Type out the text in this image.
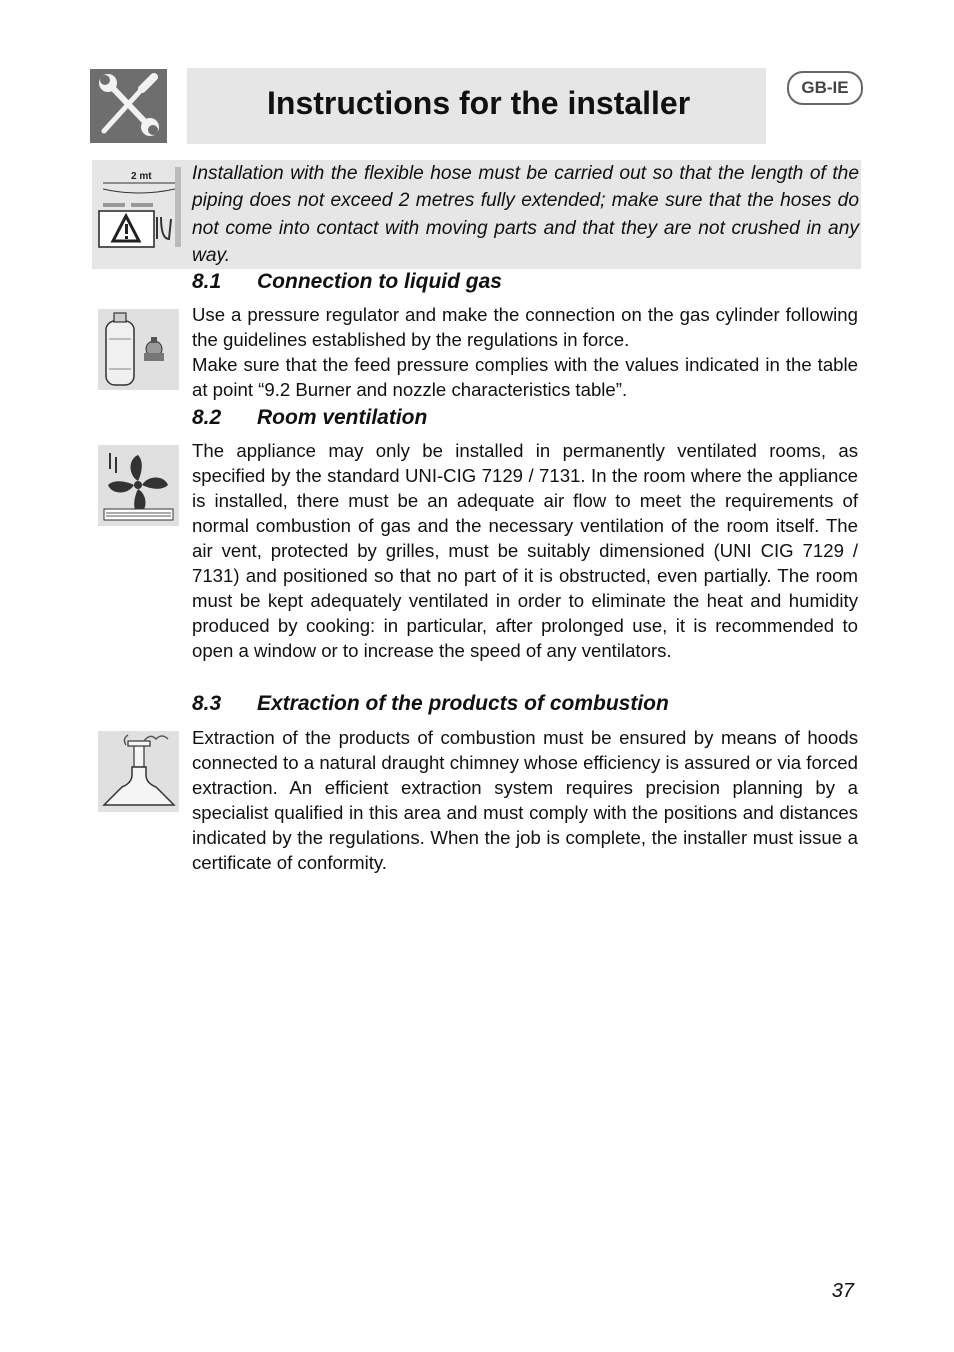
Instructions for the installer	GB-IE
2 mt Installation with the flexible hose must be carried out so that the length of the piping does not exceed 2 metres fully extended; make sure that the hoses do not come into contact with moving parts and that they are not crushed in any way.
8.1 Connection to liquid gas

Use a pressure regulator and make the connection on the gas cylinder following the guidelines established by the regulations in force.

Make sure that the feed pressure complies with the values indicated in the table at point “9.2 Burner and nozzle characteristics table”.

8.2 Room ventilation

The appliance may only be installed in permanently ventilated rooms, as specified by the standard UNI-CIG 7129 / 7131. In the room where the appliance is installed, there must be an adequate air flow to meet the requirements of normal combustion of gas and the necessary ventilation of the room itself. The air vent, protected by grilles, must be suitably dimensioned (UNI CIG 7129 / 7131) and positioned so that no part of it is obstructed, even partially. The room must be kept adequately ventilated in order to eliminate the heat and humidity produced by cooking: in particular, after prolonged use, it is recommended to open a window or to increase the speed of any ventilators.

8.3 Extraction of the products of combustion

Extraction of the products of combustion must be ensured by means of hoods connected to a natural draught chimney whose efficiency is assured or via forced extraction. An efficient extraction system requires precision planning by a specialist qualified in this area and must comply with the positions and distances indicated by the regulations. When the job is complete, the installer must issue a certificate of conformity.

37
